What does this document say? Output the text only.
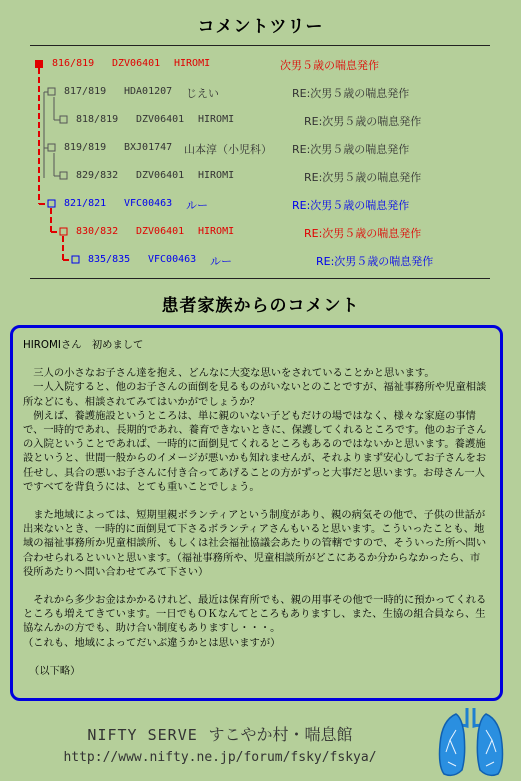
コメントツリー
816/819 DZV06401 HIROMI	次男５歳の喘息発作
817/819 HDA01207 じえい	RE:次男５歳の喘息発作
818/819 DZV06401 HIROMI	RE:次男５歳の喘息発作
819/819 BXJ01747 山本淳（小児科） RE:次男５歳の喘息発作
829/832 DZV06401 HIROMI	RE:次男５歳の喘息発作
821/821 VFC00463 ルー	RE:次男５歳の喘息発作
830/832 DZV06401 HIROMI	RE:次男５歳の喘息発作
835/835 VFC00463 ルー	RE:次男５歳の喘息発作
患者家族からのコメント

HIROMIさん　初めまして

　三人の小さなお子さん達を抱え、どんなに大変な思いをされていることかと思います。
　一人入院すると、他のお子さんの面倒を見るものがいないとのことですが、福祉事務所や児童相談所などにも、相談されてみてはいかがでしょうか？
　例えば、養護施設というところは、単に親のいない子どもだけの場ではなく、様々な家庭の事情で、一時的であれ、長期的であれ、養育できないときに、保護してくれるところです。他のお子さんの入院ということであれば、一時的に面倒見てくれるところもあるのではないかと思います。養護施設というと、世間一般からのイメージが悪いかも知れませんが、それよりまず安心してお子さんをお任せし、具合の悪いお子さんに付き合ってあげることの方がずっと大事だと思います。お母さん一人ですべてを背負うには、とても重いことでしょう。

　また地域によっては、短期里親ボランティアという制度があり、親の病気その他で、子供の世話が出来ないとき、一時的に面倒見て下さるボランティアさんもいると思います。こういったことも、地域の福祉事務所か児童相談所、もしくは社会福祉協議会あたりの管轄ですので、そういった所へ問い合わせられるといいと思います。（福祉事務所や、児童相談所がどこにあるか分からなかったら、市役所あたりへ問い合わせてみて下さい）

　それから多少お金はかかるけれど、最近は保育所でも、親の用事その他で一時的に預かってくれるところも増えてきています。一日でもＯＫなんてところもありますし、また、生協の組合員なら、生協なんかの方でも、助け合い制度もありますし・・・。
（これも、地域によってだいぶ違うかとは思いますが）

（以下略）

NIFTY SERVE すこやか村・喘息館
http://www.nifty.ne.jp/forum/fsky/fskya/
